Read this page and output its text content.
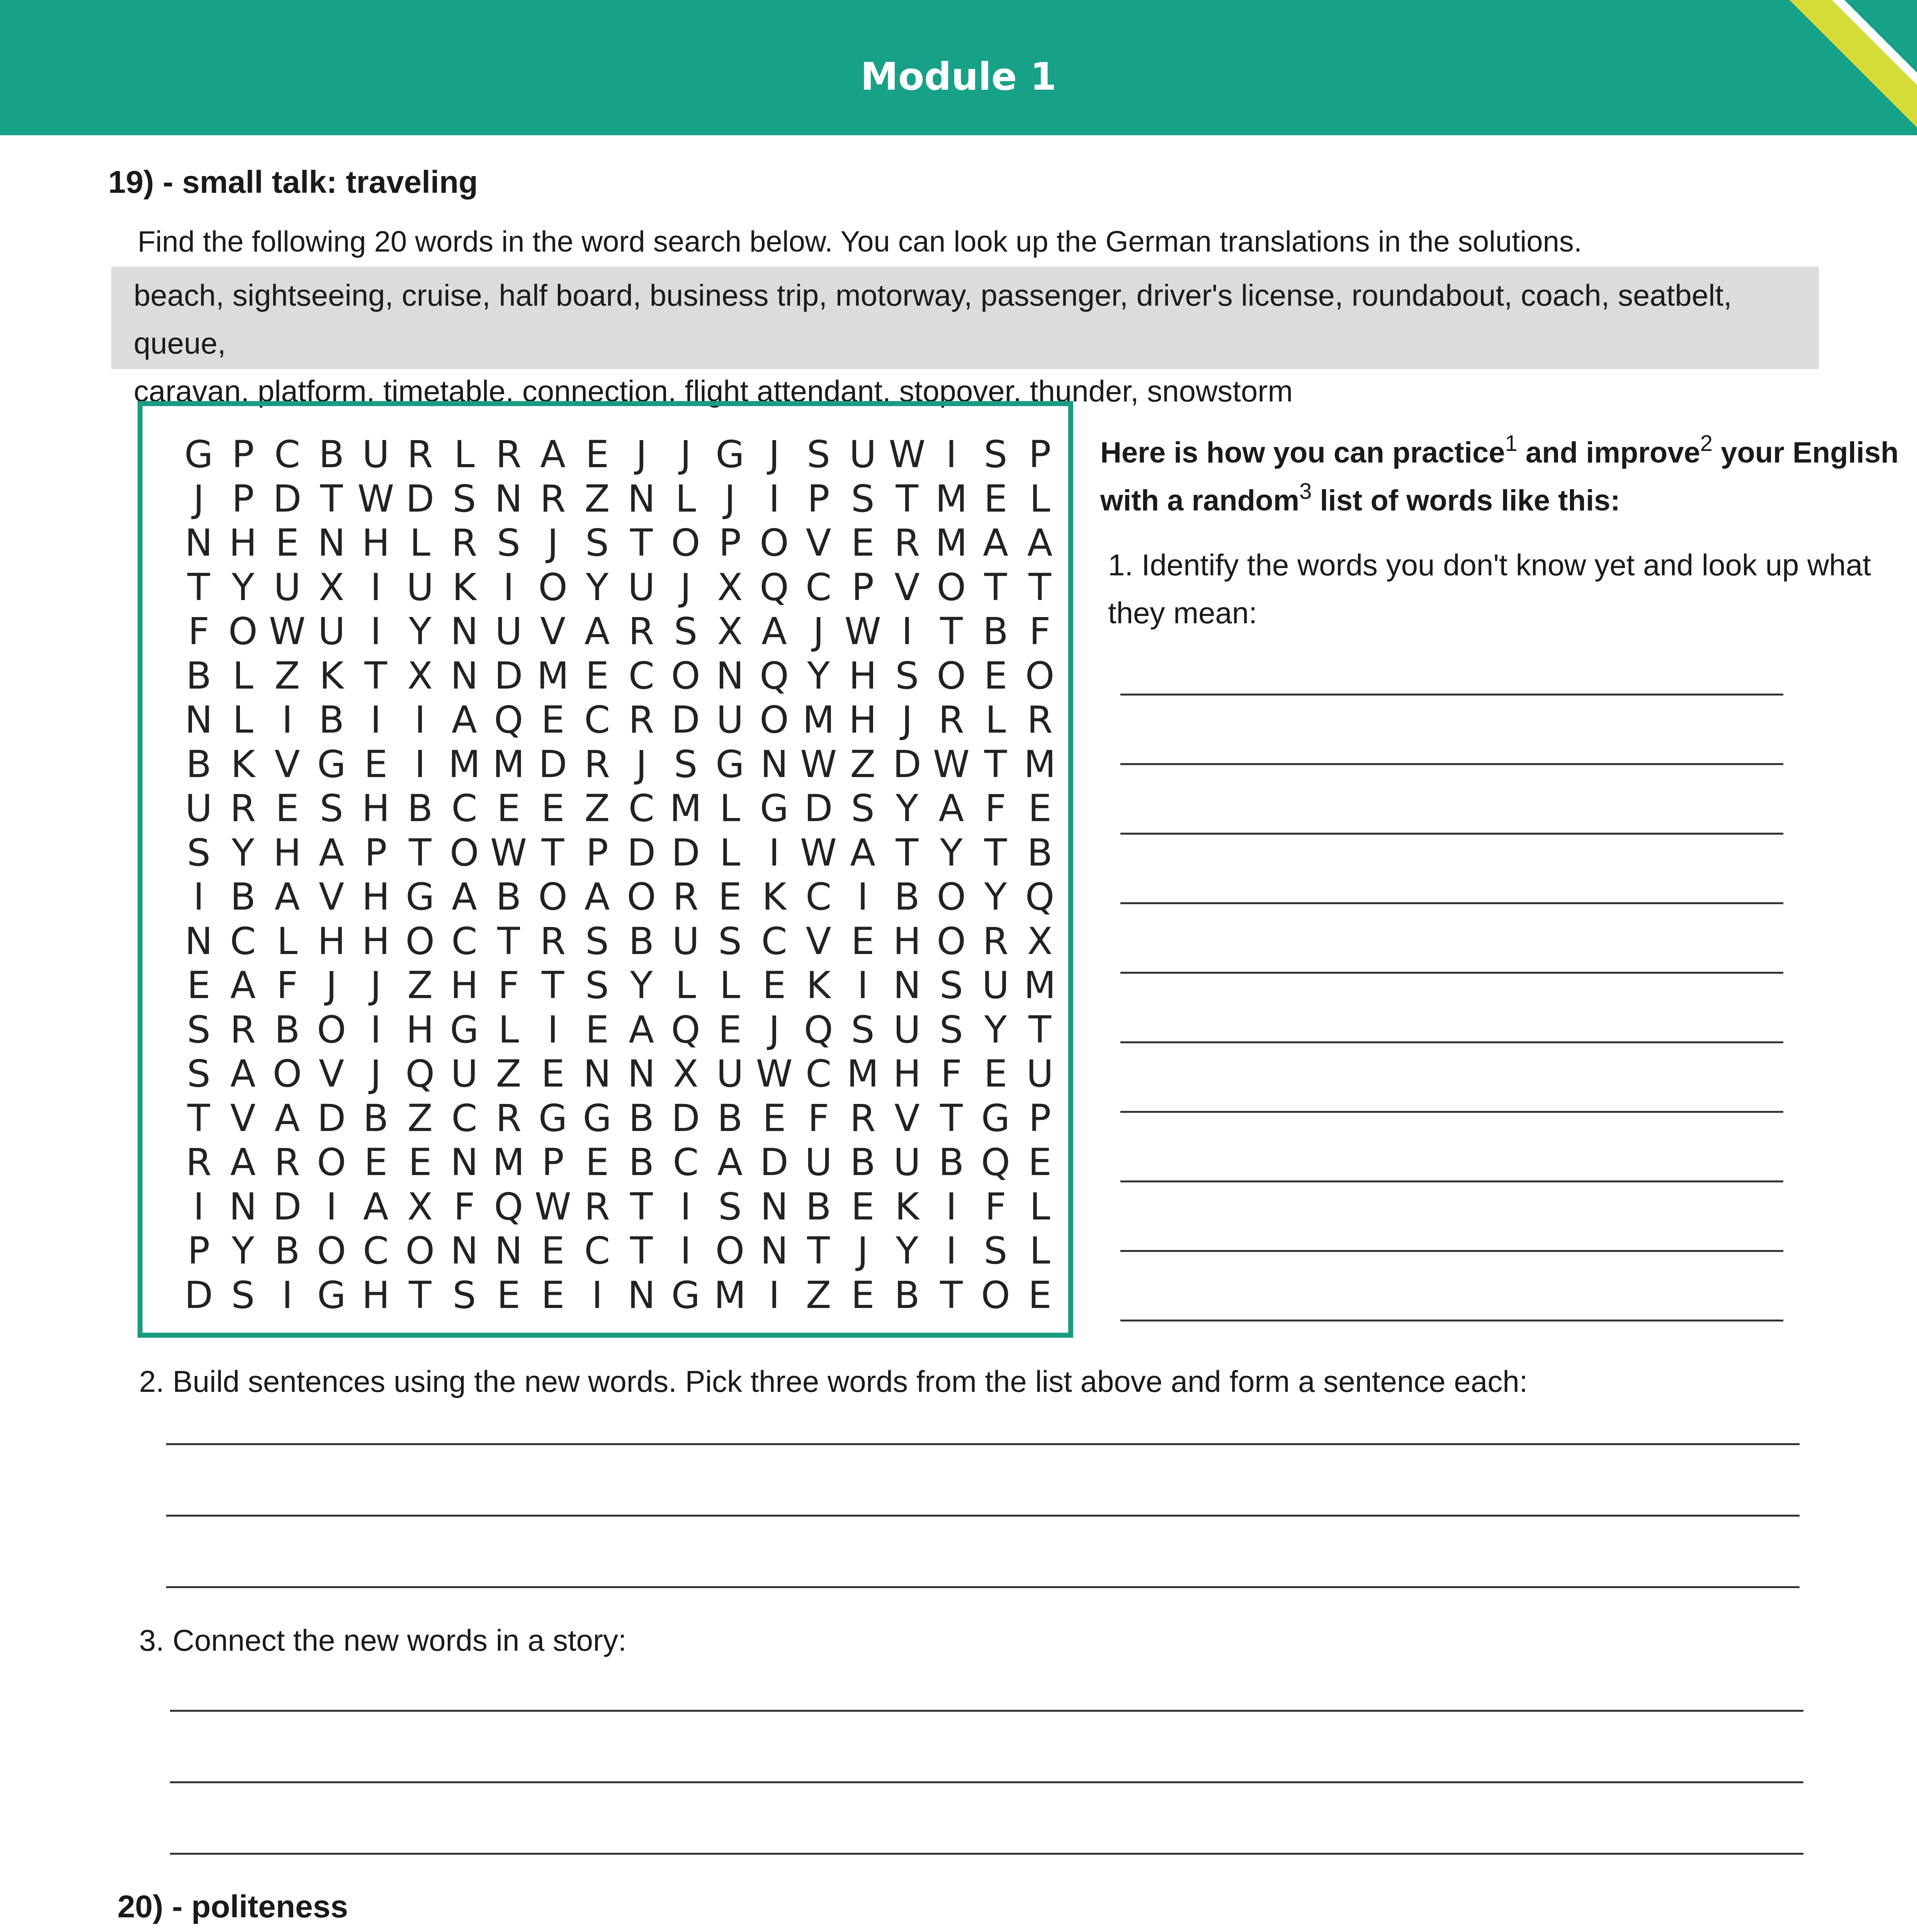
Module 1
19) - small talk: traveling
Find the following 20 words in the word search below. You can look up the German translations in the solutions.
beach, sightseeing, cruise, half board, business trip, motorway, passenger, driver's license, roundabout, coach, seatbelt, queue,
caravan, platform, timetable, connection, flight attendant, stopover, thunder, snowstorm
G P C B U R L R A E J J G J S U W I S P
J P D T W D S N R Z N L J I P S T M E L
N H E N H L R S J S T O P O V E R M A A
T Y U X I U K I O Y U J X Q C P V O T T
F O W U I Y N U V A R S X A J W I T B F
B L Z K T X N D M E C O N Q Y H S O E O
N L I B I I A Q E C R D U O M H J R L R
B K V G E I M M D R J S G N W Z D W T M
U R E S H B C E E Z C M L G D S Y A F E
S Y H A P T O W T P D D L I W A T Y T B
I B A V H G A B O A O R E K C I B O Y Q
N C L H H O C T R S B U S C V E H O R X
E A F J J Z H F T S Y L L E K I N S U M
S R B O I H G L I E A Q E J Q S U S Y T
S A O V J Q U Z E N N X U W C M H F E U
T V A D B Z C R G G B D B E F R V T G P
R A R O E E N M P E B C A D U B U B Q E
I N D I A X F Q W R T I S N B E K I F L
P Y B O C O N N E C T I O N T J Y I S L
D S I G H T S E E I N G M I Z E B T O E
Here is how you can practice$^1$ and improve$^2$ your English with a random$^3$ list of words like this:
1. Identify the words you don't know yet and look up what they mean:
2. Build sentences using the new words. Pick three words from the list above and form a sentence each:
3. Connect the new words in a story:
20) - politeness
